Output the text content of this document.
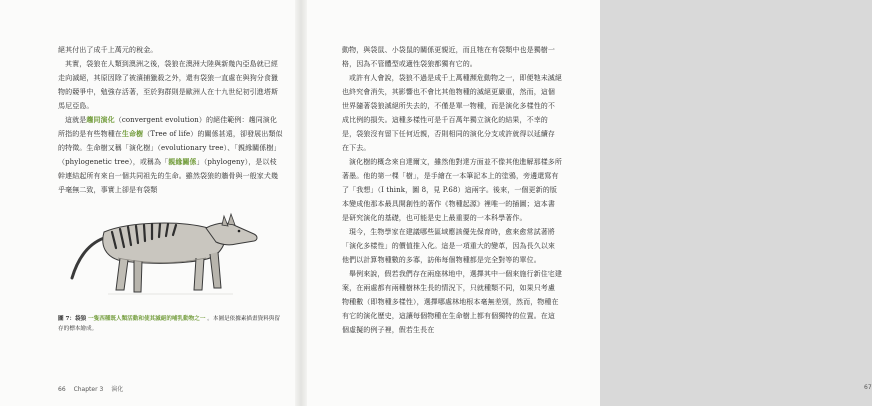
絕其付出了成千上萬元的稅金。

其實，袋狼在人類到澳洲之後，袋狼在澳洲大陸與新幾內亞島就已經走向滅絕，其原因除了被濱捕獵殺之外，還有袋狼一直處在與狗分食獵物的競爭中，勉強存活著，至於狗群則是歐洲人在十九世紀初引進塔斯馬尼亞島。

這就是趨同演化（convergent evolution）的絕佳範例：趨同演化所指的是有些物種在生命樹（Tree of life）的關係甚遠，卻發展出類似的特徵。生命樹又稱「演化樹」（evolutionary tree）、「親緣關係樹」（phylogenetic tree），或稱為「親緣關係」（phylogeny），是以枝幹連結起所有來自一個共同祖先的生命。雖然袋狼的牆骨與一般家犬幾乎毫無二致，事實上卻是有袋類

圖 7：袋狼 一隻西種既人類活動和使其滅絕的哺乳動物之一 。本圖是依據素描畫資料與留存的標本繪成。
66 Chapter 3 演化

動物，與袋鼠、小袋鼠的關係更親近，而且牠在有袋類中也是獨樹一格，因為不管體型或適性袋狼都獨有它的。

或許有人會說，袋狼不過是成千上萬種瀕危動物之一，即便牠未滅絕也終究會消失，其影響也不會比其他物種的滅絕更嚴重，然而，這個世界隨著袋狼滅絕所失去的，不僅是單一物種，而是演化多樣性的不成比例的損失。這種多樣性可是千百萬年獨立演化的結果，不幸的是，袋狼沒有留下任何近親，否則相同的演化分支或許就得以延續存在下去。

演化樹的概念來自達爾文，雖然他對達方面並不像其他進解那樣多所著墨。他的第一棵「樹」，是手繪在一本筆記本上的塗鴉，旁邊還寫有了「我想」（I think，圖 8，見 P.68）這兩字。後來，一個更新的版本變成他那本最具開創性的著作《物種起源》裡唯一的插圖；這本書是研究演化的基礎，也可能是史上最重要的一本科學著作。

現今，生物學家在建議哪些區域應該優先保育時，愈來愈常試著將「演化多樣性」的價值推入化。這是一項重大的變革，因為長久以來他們以計算物種數的多寡，訪佈每個物種都是完全對等的單位。

舉例來說，假若我們存在兩座林地中，選擇其中一個來施行新住宅建案，在兩處都有兩種樹林生長的情況下，只就種類不同，如果只考慮物種數（即物種多樣性），選擇哪處林地根本毫無差別，然而，物種在有它的演化歷史，這讓每個物種在生命樹上都有個獨特的位置。在這個虛擬的例子裡，假若生長在

67
